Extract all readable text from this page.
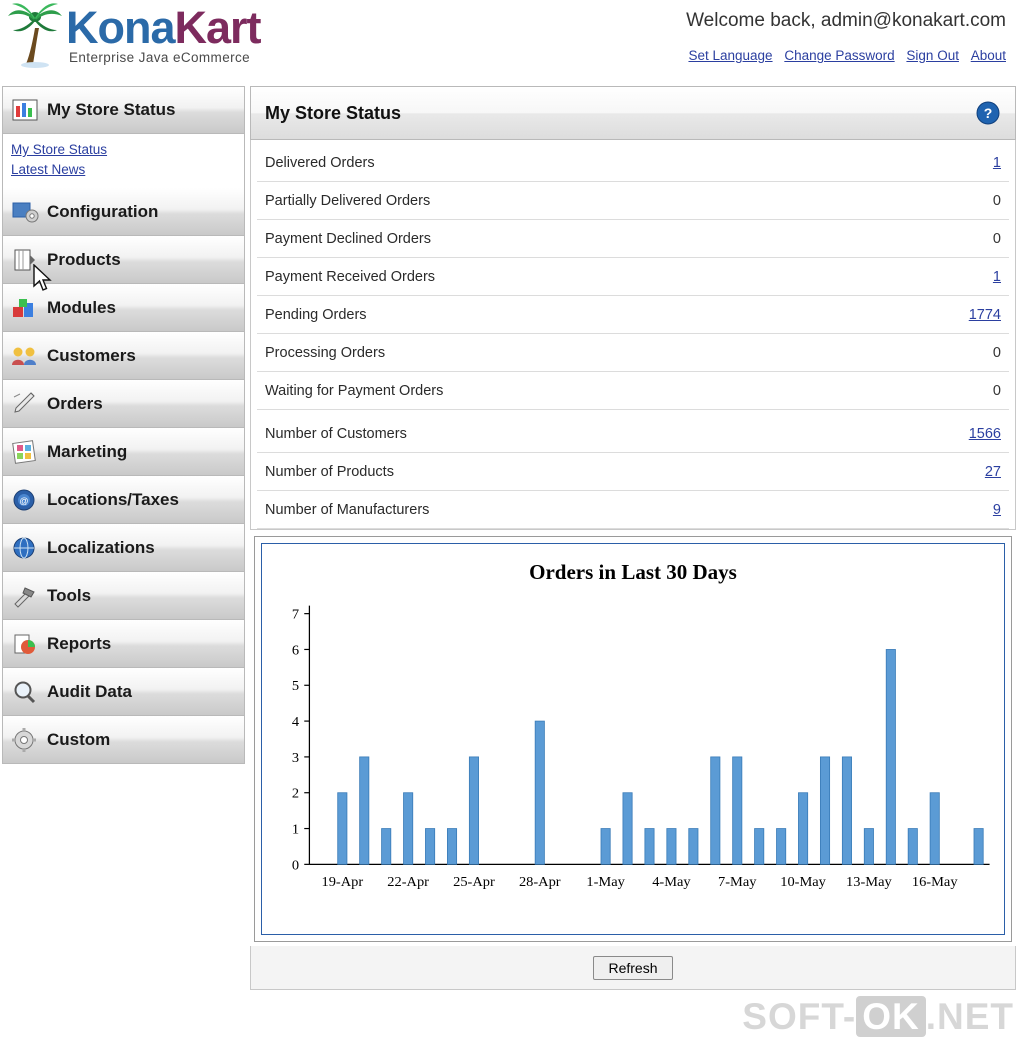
KonaKart
Enterprise Java eCommerce
Welcome back, admin@konakart.com
Set Language Change Password Sign Out About
My Store Status
My Store Status
Latest News
Configuration
Products
Modules
Customers
Orders
Marketing
@ Locations/Taxes
Localizations
Tools
Reports
Audit Data
Custom
My Store Status	?
Delivered Orders	1
Partially Delivered Orders	0
Payment Declined Orders	0
Payment Received Orders	1
Pending Orders	1774
Processing Orders	0
Waiting for Payment Orders	0
Number of Customers	1566
Number of Products	27
Number of Manufacturers	9
Orders in Last 30 Days
0
1
2
3
4
5
6
7
19-Apr 22-Apr 25-Apr 28-Apr 1-May 4-May 7-May 10-May 13-May 16-May
Refresh
SOFT- OK .NET
